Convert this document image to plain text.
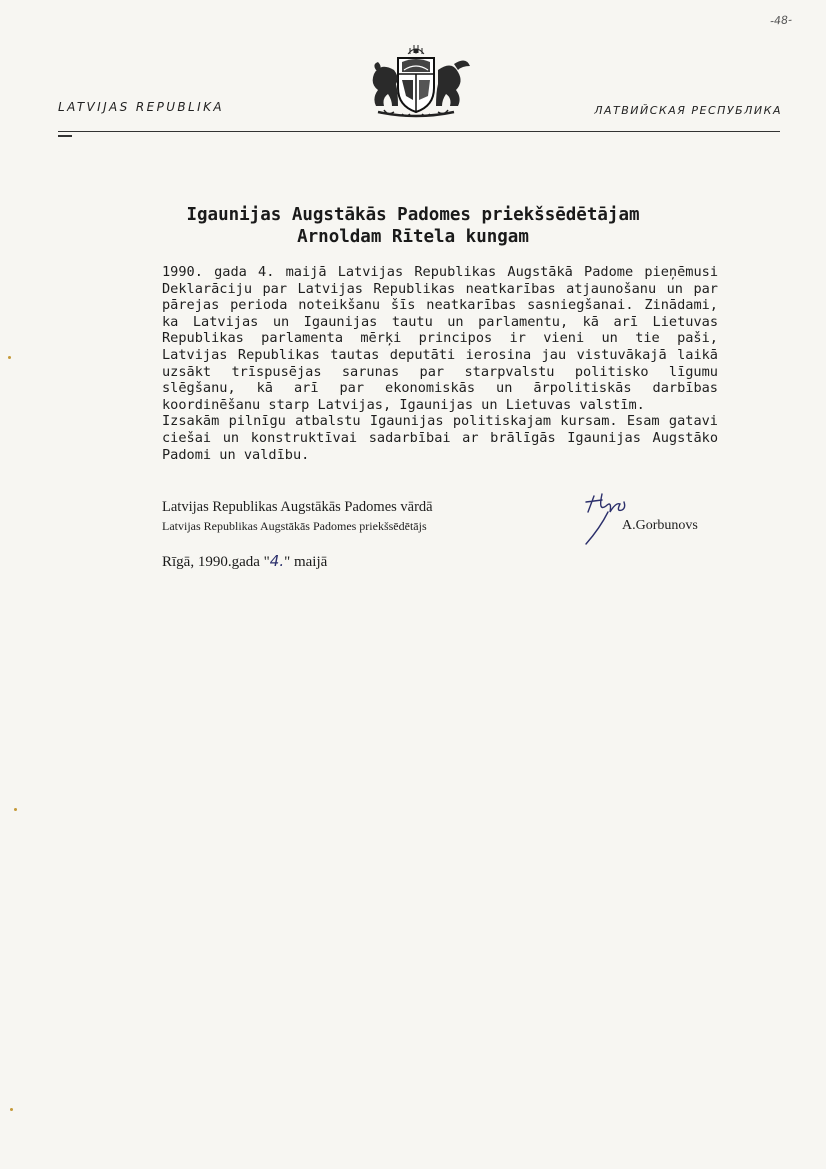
-48-
LATVIJAS REPUBLIKA	ЛАТВИЙСКАЯ РЕСПУБЛИКА
Igaunijas Augstākās Padomes priekšsēdētājam
Arnoldam Rītela kungam

1990. gada 4. maijā Latvijas Republikas Augstākā Padome pieņēmusi Deklarāciju par Latvijas Republikas neatkarības atjaunošanu un par pārejas perioda noteikšanu šīs neatkarības sasniegšanai. Zinādami, ka Latvijas un Igaunijas tautu un parlamentu, kā arī Lietuvas Republikas parlamenta mērķi principos ir vieni un tie paši, Latvijas Republikas tautas deputāti ierosina jau vistuvākajā laikā uzsākt trīspusējas sarunas par starpvalstu politisko līgumu slēgšanu, kā arī par ekonomiskās un ārpolitiskās darbības koordinēšanu starp Latvijas, Igaunijas un Lietuvas valstīm.

Izsakām pilnīgu atbalstu Igaunijas politiskajam kursam. Esam gatavi ciešai un konstruktīvai sadarbībai ar brālīgās Igaunijas Augstāko Padomi un valdību.

Latvijas Republikas Augstākās Padomes vārdā
Latvijas Republikas Augstākās Padomes priekšsēdētājs	A.Gorbunovs
Rīgā, 1990.gada "4." maijā
